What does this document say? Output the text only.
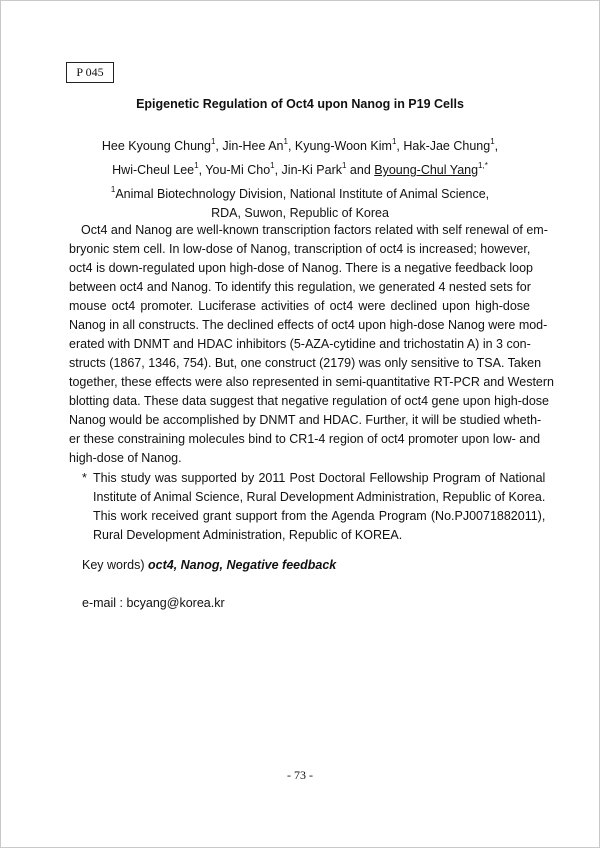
P 045
Epigenetic Regulation of Oct4 upon Nanog in P19 Cells
Hee Kyoung Chung$^1$, Jin-Hee An$^1$, Kyung-Woon Kim$^1$, Hak-Jae Chung$^1$,
Hwi-Cheul Lee$^1$, You-Mi Cho$^1$, Jin-Ki Park$^1$ and Byoung-Chul Yang$^{1,*}$
$^1$Animal Biotechnology Division, National Institute of Animal Science,
RDA, Suwon, Republic of Korea
Oct4 and Nanog are well-known transcription factors related with self renewal of em-
bryonic stem cell. In low-dose of Nanog, transcription of oct4 is increased; however,
oct4 is down-regulated upon high-dose of Nanog. There is a negative feedback loop
between oct4 and Nanog. To identify this regulation, we generated 4 nested sets for
mouse oct4 promoter. Luciferase activities of oct4 were declined upon high-dose
Nanog in all constructs. The declined effects of oct4 upon high-dose Nanog were mod-
erated with DNMT and HDAC inhibitors (5-AZA-cytidine and trichostatin A) in 3 con-
structs (1867, 1346, 754). But, one construct (2179) was only sensitive to TSA. Taken
together, these effects were also represented in semi-quantitative RT-PCR and Western
blotting data. These data suggest that negative regulation of oct4 gene upon high-dose
Nanog would be accomplished by DNMT and HDAC. Further, it will be studied wheth-
er these constraining molecules bind to CR1-4 region of oct4 promoter upon low- and
high-dose of Nanog.
* This study was supported by 2011 Post Doctoral Fellowship Program of National
Institute of Animal Science, Rural Development Administration, Republic of Korea.
This work received grant support from the Agenda Program (No.PJ0071882011),
Rural Development Administration, Republic of KOREA.
Key words) oct4, Nanog, Negative feedback
e-mail : bcyang@korea.kr
- 73 -
